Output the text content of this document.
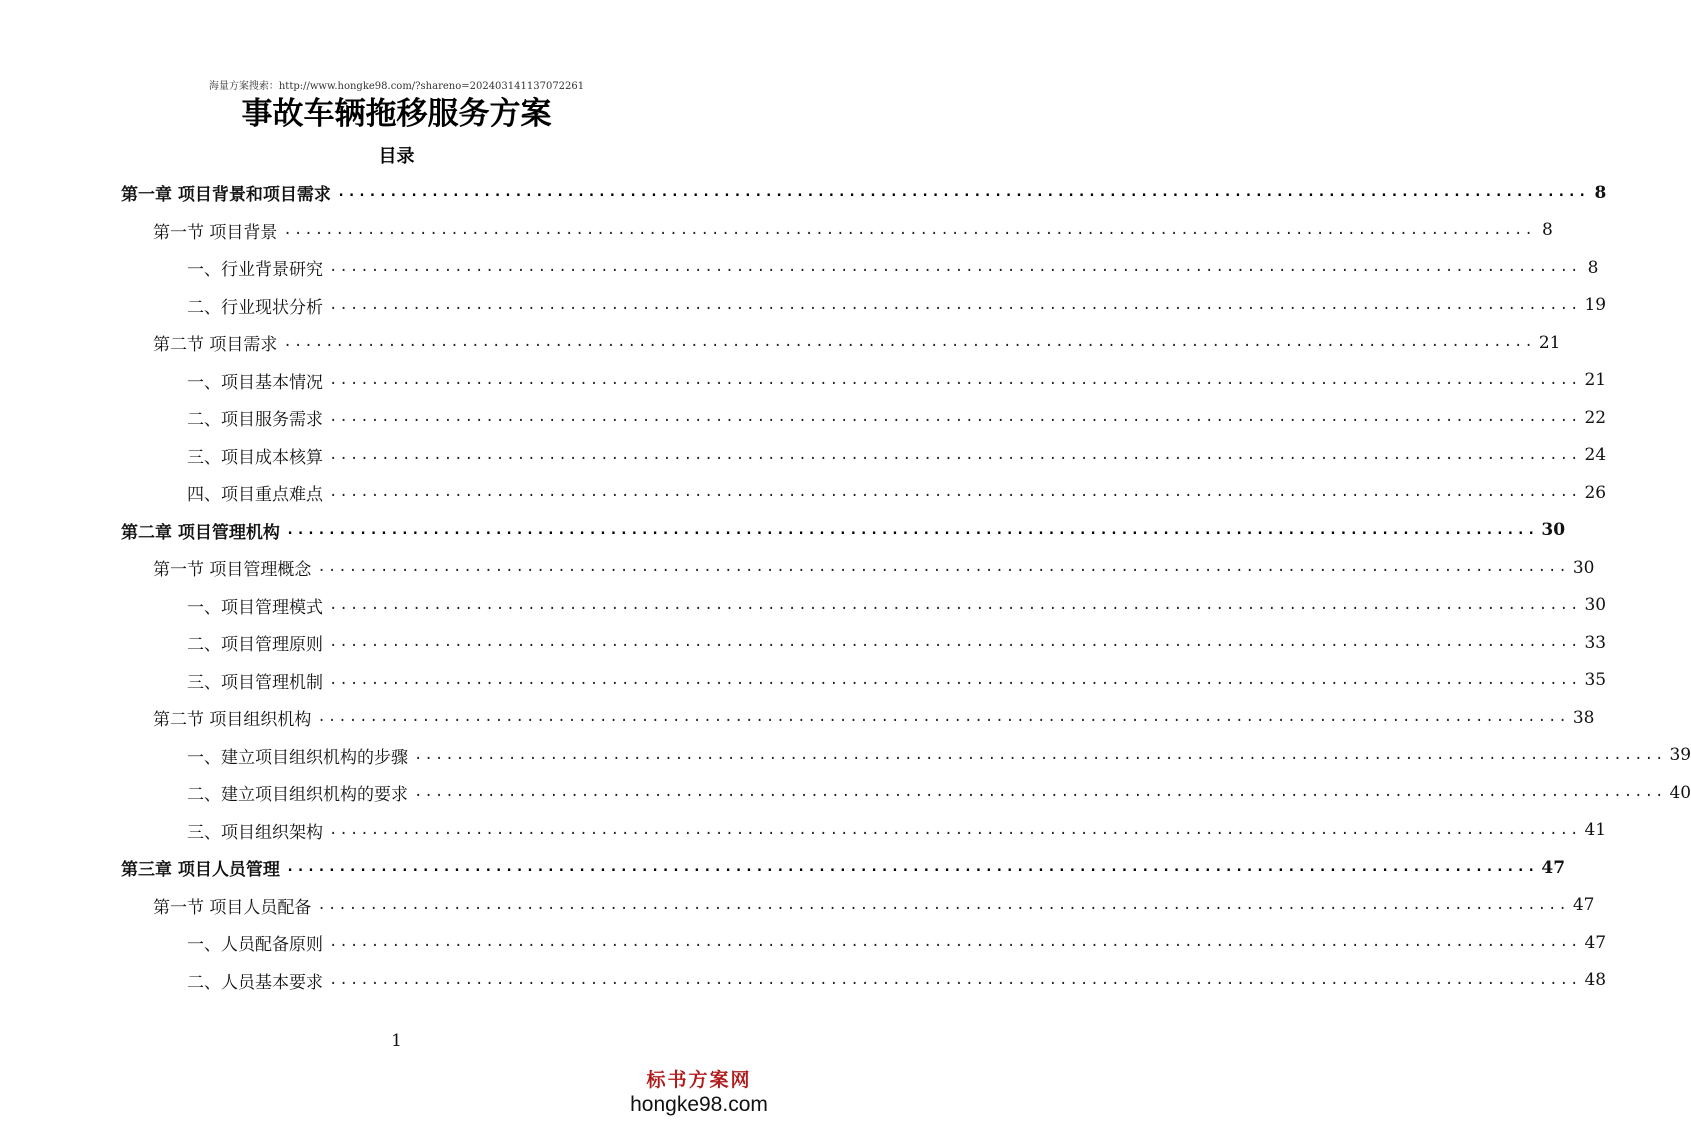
海量方案搜索：http://www.hongke98.com/?shareno=202403141137072261
事故车辆拖移服务方案
目录
第一章 项目背景和项目需求 ........................................................................................................................ 8
第一节 项目背景 ........................................................................................................................ 8
一、行业背景研究 ........................................................................................................................ 8
二、行业现状分析 ........................................................................................................................ 19
第二节 项目需求 ........................................................................................................................ 21
一、项目基本情况 ........................................................................................................................ 21
二、项目服务需求 ........................................................................................................................ 22
三、项目成本核算 ........................................................................................................................ 24
四、项目重点难点 ........................................................................................................................ 26
第二章 项目管理机构 ........................................................................................................................ 30
第一节 项目管理概念 ........................................................................................................................ 30
一、项目管理模式 ........................................................................................................................ 30
二、项目管理原则 ........................................................................................................................ 33
三、项目管理机制 ........................................................................................................................ 35
第二节 项目组织机构 ........................................................................................................................ 38
一、建立项目组织机构的步骤 ........................................................................................................................ 39
二、建立项目组织机构的要求 ........................................................................................................................ 40
三、项目组织架构 ........................................................................................................................ 41
第三章 项目人员管理 ........................................................................................................................ 47
第一节 项目人员配备 ........................................................................................................................ 47
一、人员配备原则 ........................................................................................................................ 47
二、人员基本要求 ........................................................................................................................ 48
1
标书方案网
hongke98.com
